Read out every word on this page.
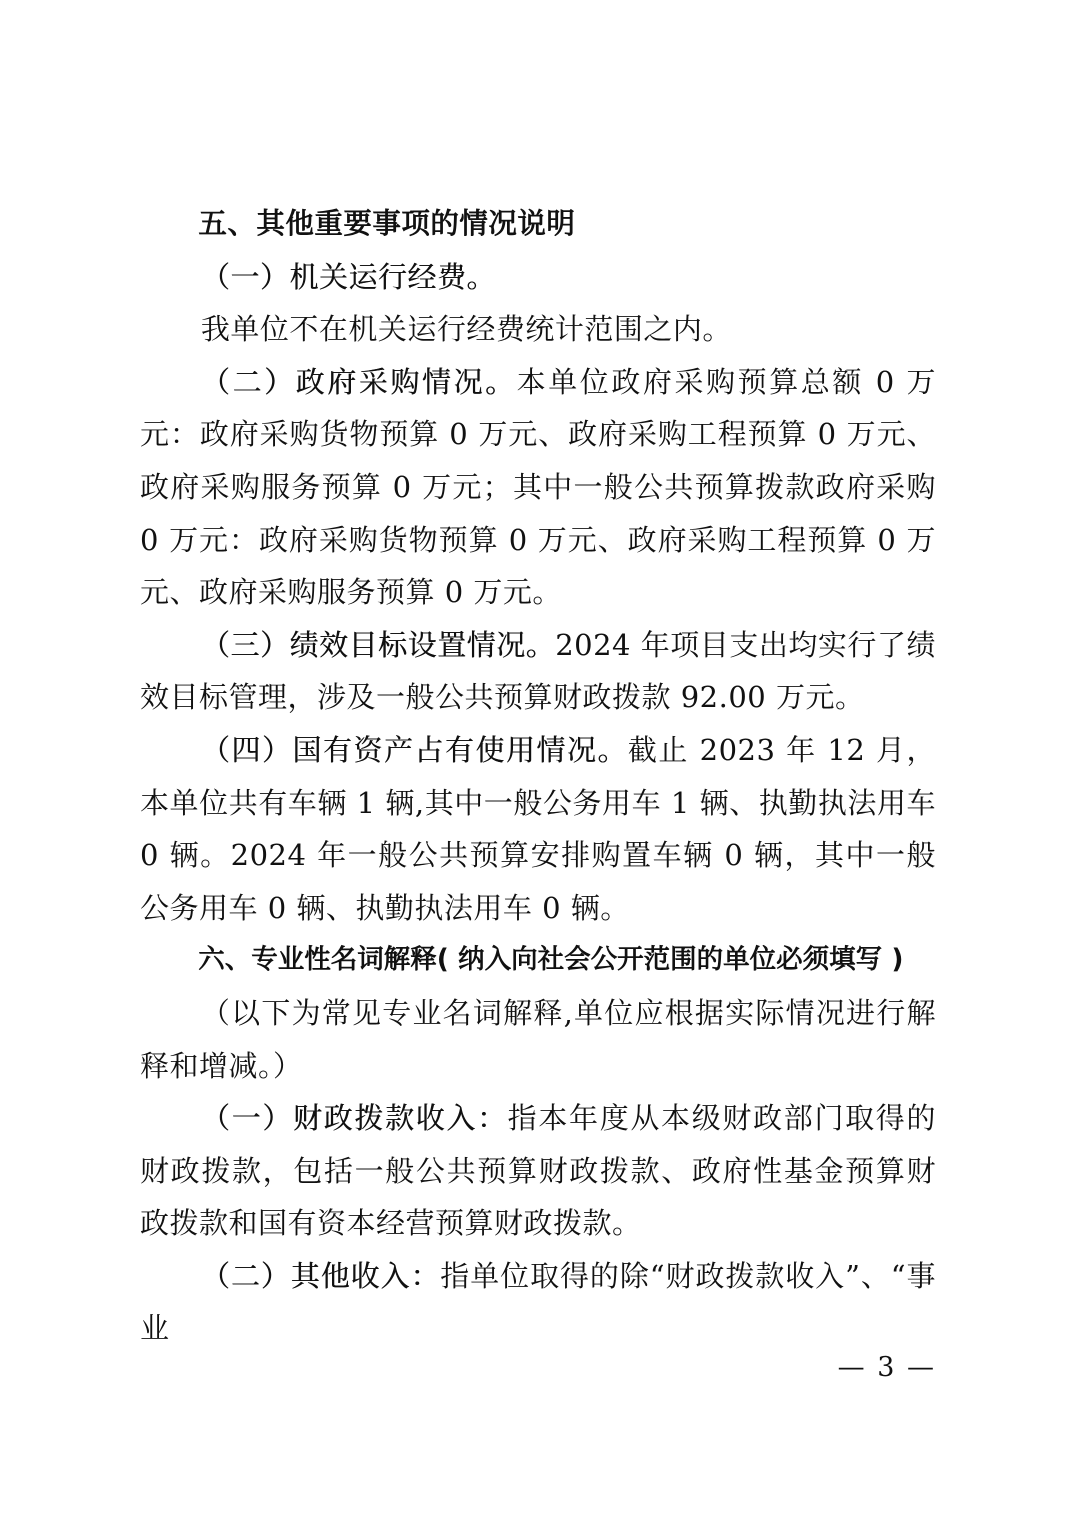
五、其他重要事项的情况说明

（一）机关运行经费。

我单位不在机关运行经费统计范围之内。

（二）政府采购情况。本单位政府采购预算总额 0 万元：政府采购货物预算 0 万元、政府采购工程预算 0 万元、政府采购服务预算 0 万元；其中一般公共预算拨款政府采购 0 万元：政府采购货物预算 0 万元、政府采购工程预算 0 万元、政府采购服务预算 0 万元。

（三）绩效目标设置情况。2024 年项目支出均实行了绩效目标管理，涉及一般公共预算财政拨款 92.00 万元。

（四）国有资产占有使用情况。截止 2023 年 12 月，本单位共有车辆 1 辆,其中一般公务用车 1 辆、执勤执法用车 0 辆。2024 年一般公共预算安排购置车辆 0 辆，其中一般公务用车 0 辆、执勤执法用车 0 辆。

六、专业性名词解释( 纳入向社会公开范围的单位必须填写 )

（以下为常见专业名词解释,单位应根据实际情况进行解释和增减。）

（一）财政拨款收入：指本年度从本级财政部门取得的财政拨款，包括一般公共预算财政拨款、政府性基金预算财政拨款和国有资本经营预算财政拨款。

（二）其他收入：指单位取得的除“财政拨款收入”、“事业

— 3 —
